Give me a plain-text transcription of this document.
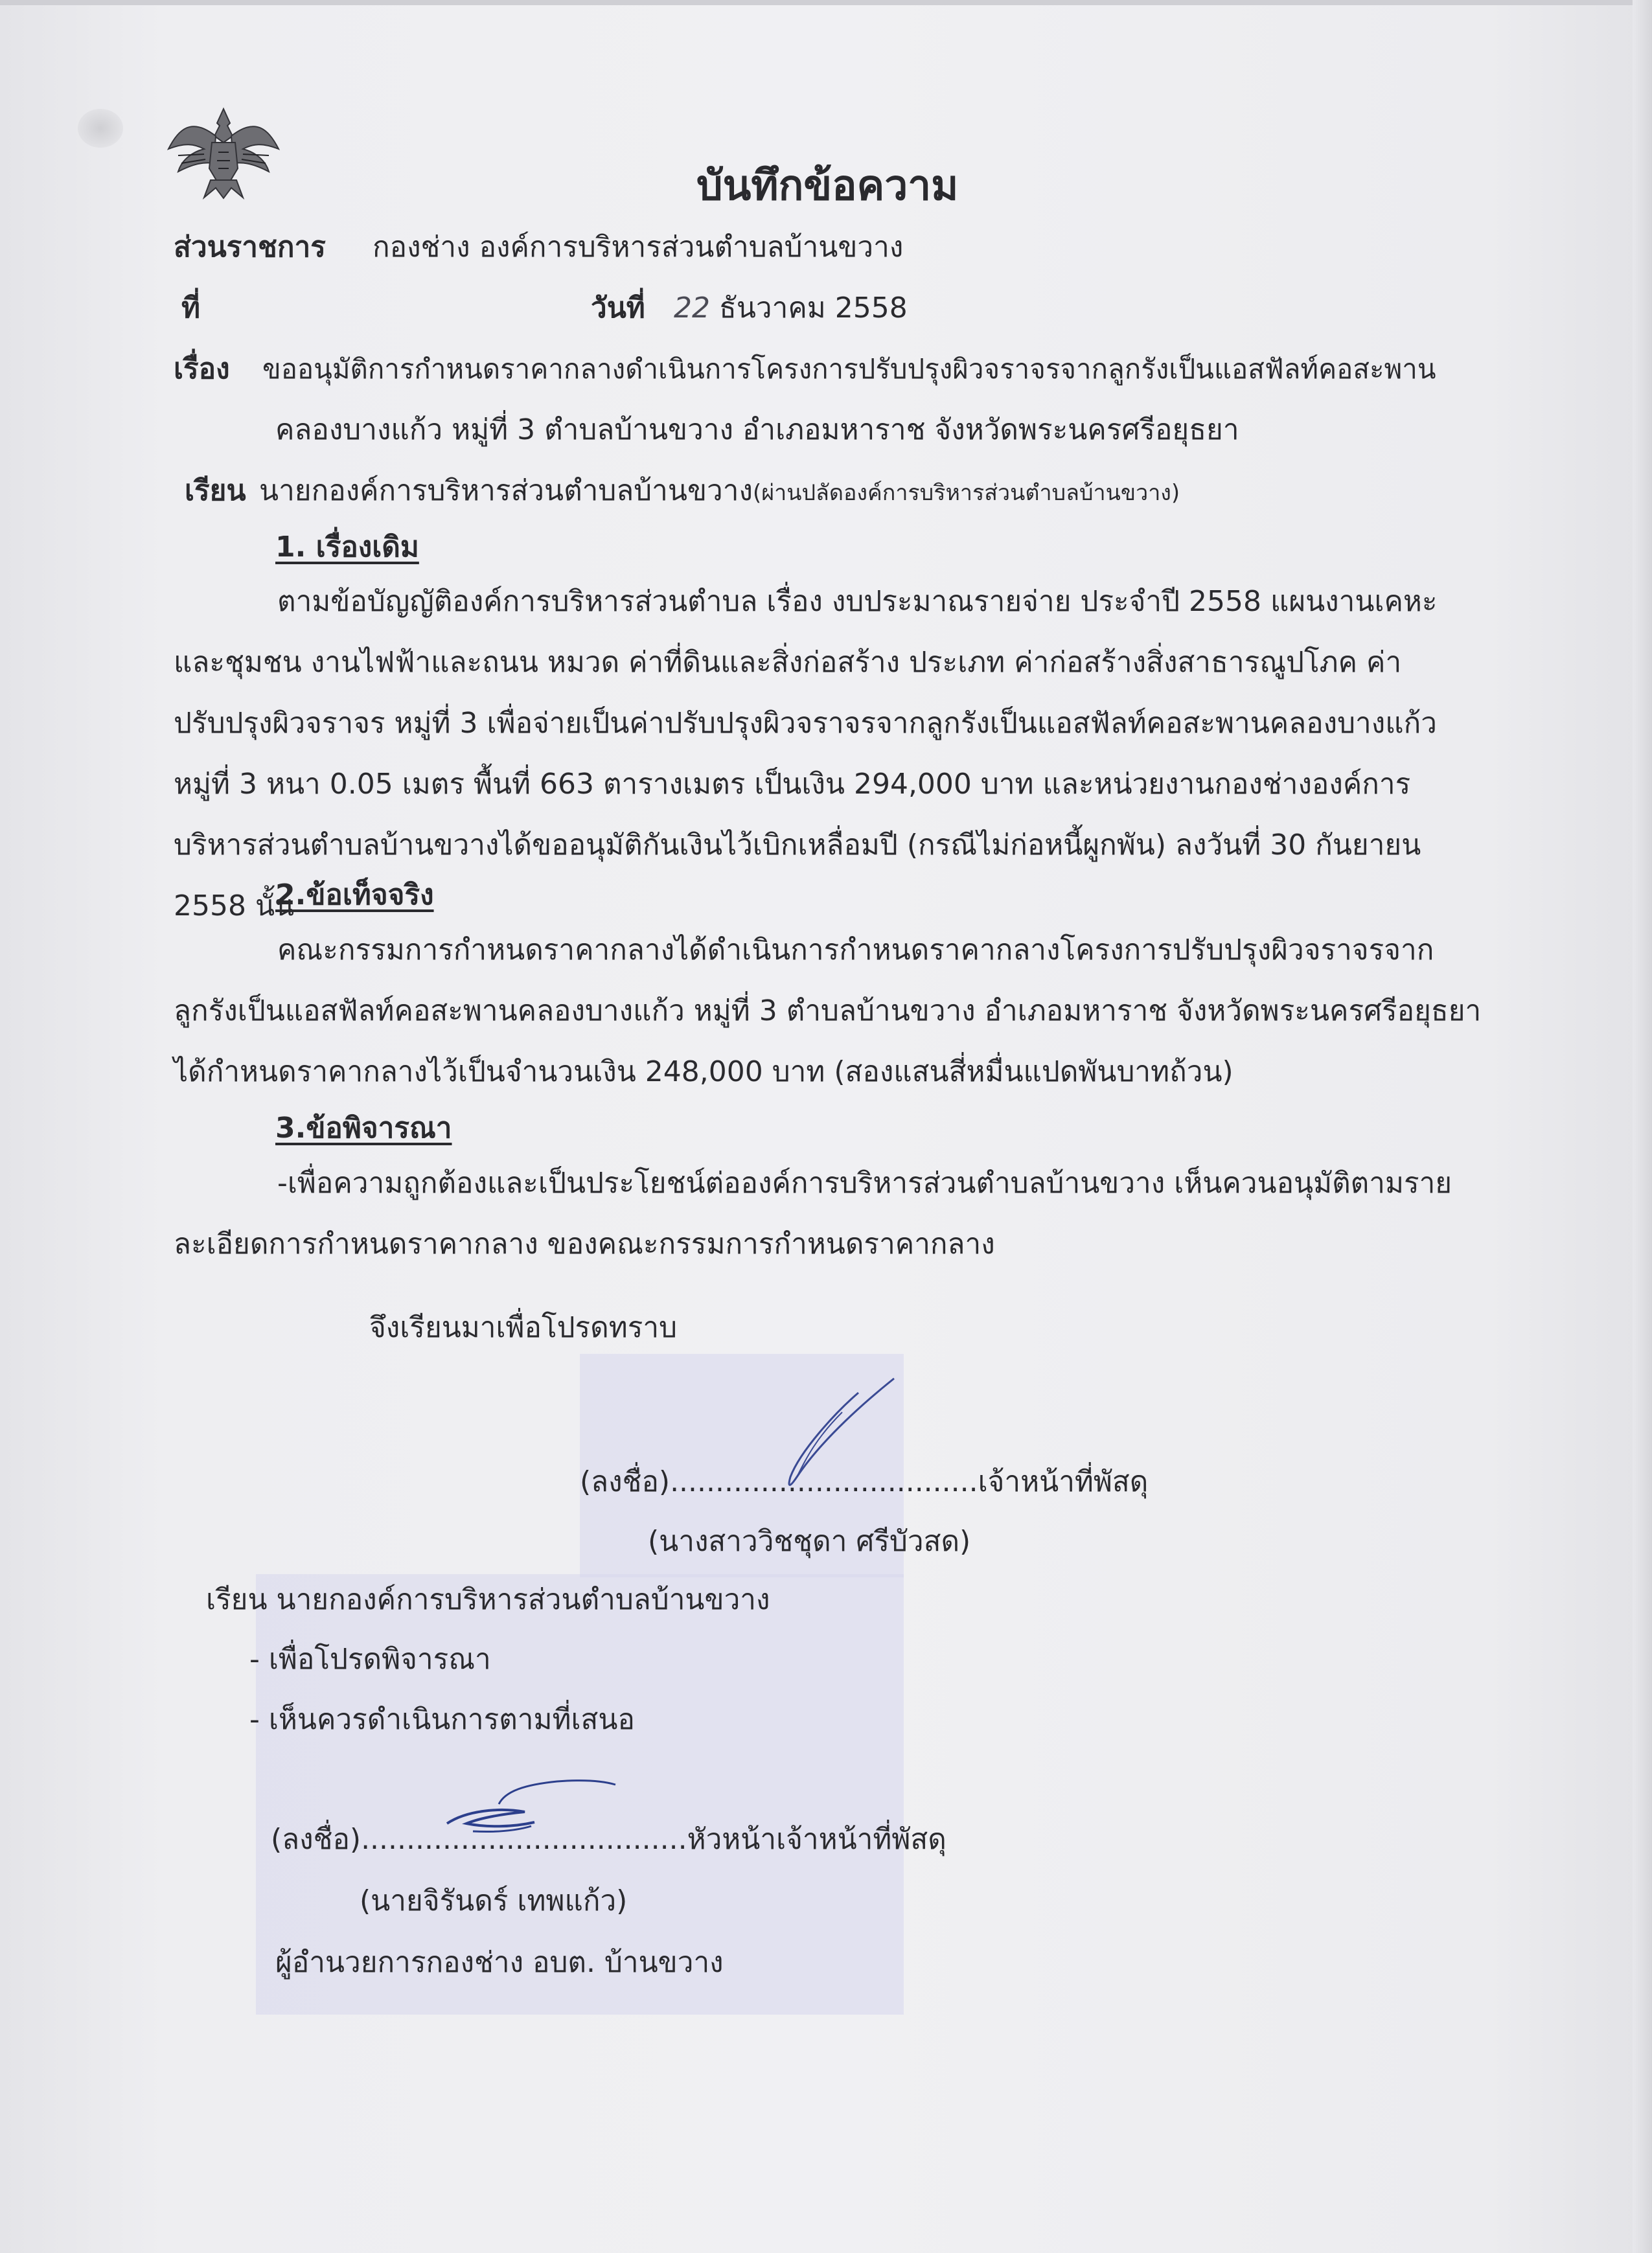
บันทึกข้อความ
ส่วนราชการ กองช่าง องค์การบริหารส่วนตำบลบ้านขวาง
ที่	วันที่ 22 ธันวาคม 2558
เรื่อง ขออนุมัติการกำหนดราคากลางดำเนินการโครงการปรับปรุงผิวจราจรจากลูกรังเป็นแอสฟัลท์คอสะพาน
คลองบางแก้ว หมู่ที่ 3 ตำบลบ้านขวาง อำเภอมหาราช จังหวัดพระนครศรีอยุธยา
เรียน นายกองค์การบริหารส่วนตำบลบ้านขวาง(ผ่านปลัดองค์การบริหารส่วนตำบลบ้านขวาง)
1. เรื่องเดิม
ตามข้อบัญญัติองค์การบริหารส่วนตำบล เรื่อง งบประมาณรายจ่าย ประจำปี 2558 แผนงานเคหะและชุมชน งานไฟฟ้าและถนน หมวด ค่าที่ดินและสิ่งก่อสร้าง ประเภท ค่าก่อสร้างสิ่งสาธารณูปโภค ค่าปรับปรุงผิวจราจร หมู่ที่ 3 เพื่อจ่ายเป็นค่าปรับปรุงผิวจราจรจากลูกรังเป็นแอสฟัลท์คอสะพานคลองบางแก้ว หมู่ที่ 3 หนา 0.05 เมตร พื้นที่ 663 ตารางเมตร เป็นเงิน 294,000 บาท และหน่วยงานกองช่างองค์การบริหารส่วนตำบลบ้านขวางได้ขออนุมัติกันเงินไว้เบิกเหลื่อมปี (กรณีไม่ก่อหนี้ผูกพัน) ลงวันที่ 30 กันยายน 2558 นั้น
2.ข้อเท็จจริง
คณะกรรมการกำหนดราคากลางได้ดำเนินการกำหนดราคากลางโครงการปรับปรุงผิวจราจรจากลูกรังเป็นแอสฟัลท์คอสะพานคลองบางแก้ว หมู่ที่ 3 ตำบลบ้านขวาง อำเภอมหาราช จังหวัดพระนครศรีอยุธยา ได้กำหนดราคากลางไว้เป็นจำนวนเงิน 248,000 บาท (สองแสนสี่หมื่นแปดพันบาทถ้วน)
3.ข้อพิจารณา
-เพื่อความถูกต้องและเป็นประโยชน์ต่อองค์การบริหารส่วนตำบลบ้านขวาง เห็นควนอนุมัติตามรายละเอียดการกำหนดราคากลาง ของคณะกรรมการกำหนดราคากลาง
จึงเรียนมาเพื่อโปรดทราบ
(ลงชื่อ)..................................เจ้าหน้าที่พัสดุ
(นางสาววิชชุดา ศรีบัวสด)
เรียน นายกองค์การบริหารส่วนตำบลบ้านขวาง
- เพื่อโปรดพิจารณา
- เห็นควรดำเนินการตามที่เสนอ
(ลงชื่อ)....................................หัวหน้าเจ้าหน้าที่พัสดุ
(นายจิรันดร์ เทพแก้ว)
ผู้อำนวยการกองช่าง อบต. บ้านขวาง
